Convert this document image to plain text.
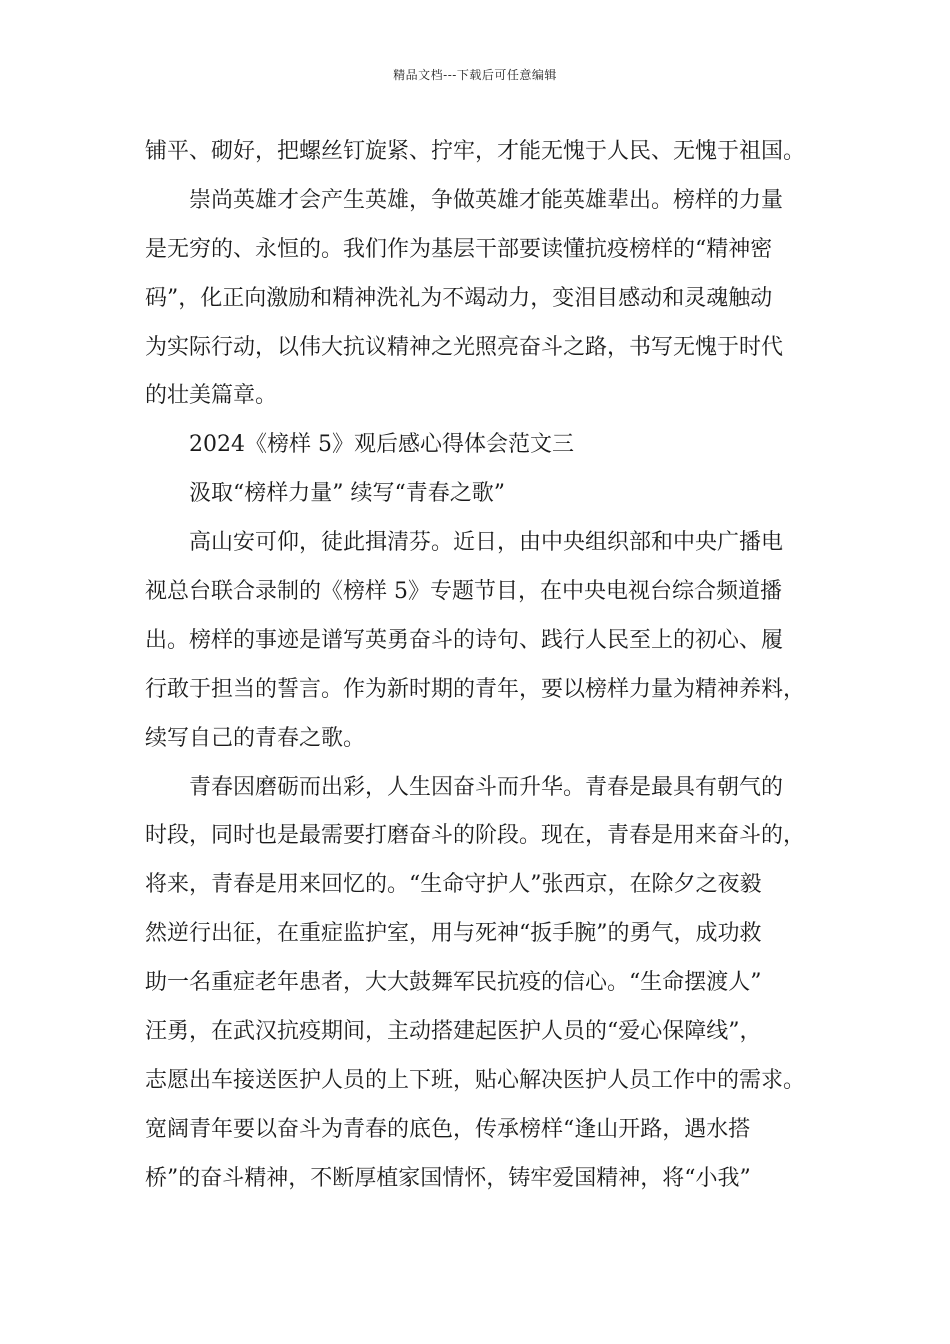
精品文档---下载后可任意编辑
铺平、砌好，把螺丝钉旋紧、拧牢，才能无愧于人民、无愧于祖国。
崇尚英雄才会产生英雄，争做英雄才能英雄辈出。榜样的力量
是无穷的、永恒的。我们作为基层干部要读懂抗疫榜样的“精神密
码”，化正向激励和精神洗礼为不竭动力，变泪目感动和灵魂触动
为实际行动，以伟大抗议精神之光照亮奋斗之路，书写无愧于时代
的壮美篇章。
2024《榜样 5》观后感心得体会范文三
汲取“榜样力量” 续写“青春之歌”
高山安可仰，徒此揖清芬。近日，由中央组织部和中央广播电
视总台联合录制的《榜样 5》专题节目，在中央电视台综合频道播
出。榜样的事迹是谱写英勇奋斗的诗句、践行人民至上的初心、履
行敢于担当的誓言。作为新时期的青年，要以榜样力量为精神养料，
续写自己的青春之歌。
青春因磨砺而出彩，人生因奋斗而升华。青春是最具有朝气的
时段，同时也是最需要打磨奋斗的阶段。现在，青春是用来奋斗的，
将来，青春是用来回忆的。“生命守护人”张西京，在除夕之夜毅
然逆行出征，在重症监护室，用与死神“扳手腕”的勇气，成功救
助一名重症老年患者，大大鼓舞军民抗疫的信心。“生命摆渡人”
汪勇，在武汉抗疫期间，主动搭建起医护人员的“爱心保障线”，
志愿出车接送医护人员的上下班，贴心解决医护人员工作中的需求。
宽阔青年要以奋斗为青春的底色，传承榜样“逢山开路，遇水搭
桥”的奋斗精神，不断厚植家国情怀，铸牢爱国精神，将“小我”
